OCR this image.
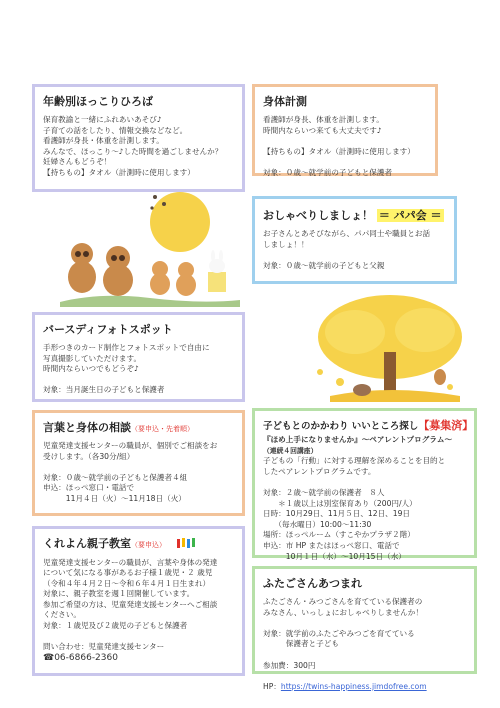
年齢別ほっこりひろば

保育教諭と一緒にふれあいあそび♪
子育ての話をしたり、情報交換などなど。
看護師が身長・体重を計測します。
みんなで、ほっこり～♪した時間を過ごしませんか？
妊婦さんもどうぞ！
【持ちもの】タオル（計測時に使用します）

身体計測

看護師が身長、体重を計測します。
時間内ならいつ来ても大丈夫です♪

【持ちもの】タオル（計測時に使用します）

対象：０歳～就学前の子どもと保護者

おしゃべりしましょ！ ＝ パパ会 ＝

お子さんとあそびながら、パパ同士や職員とお話
しましょ！！

対象：０歳～就学前の子どもと父親

バースディフォトスポット

手形つきのカード制作とフォトスポットで自由に
写真撮影していただけます。
時間内ならいつでもどうぞ♪

対象：当月誕生日の子どもと保護者

言葉と身体の相談（要申込・先着順）

児童発達支援センターの職員が、個別でご相談をお
受けします。（各30分/組）

対象：０歳～就学前の子どもと保護者４組
申込：ほっぺ窓口・電話で
　　　11月４日（火）～11月18日（火）

くれよん親子教室（要申込）

児童発達支援センターの職員が、言葉や身体の発達
について気になる事があるお子様１歳児・２ 歳児
（令和４年４月２日～令和６年４月１日生まれ）
対象に、親子教室を週１回開催しています。
参加ご希望の方は、児童発達支援センターへご相談
ください。
対象：１歳児及び２歳児の子どもと保護者

問い合わせ：児童発達支援センター

☎06-6866-2360

子どもとのかかわり いいところ探し【募集済】

『ほめ上手になりませんか』～ペアレントプログラム～

（連続４回講座）

子どもの「行動」に対する理解を深めることを目的と
したペアレントプログラムです。

対象：２歳～就学前の保護者　８人
　　＊１歳以上は別室保育あり（200円/人）
日時：10月29日、11月５日、12日、19日
　　（毎水曜日）10:00～11:30
場所：ほっぺルーム（すこやかプラザ２階）
申込：市 HP またはほっぺ窓口、電話で
　　　10月１日（水）～10月15日（水）

ふたごさんあつまれ

ふたごさん・みつごさんを育てている保護者の
みなさん、いっしょにおしゃべりしませんか！

対象：就学前のふたごやみつごを育てている
　　　保護者と子ども

参加費：300円

HP：https://twins-happiness.jimdofree.com
